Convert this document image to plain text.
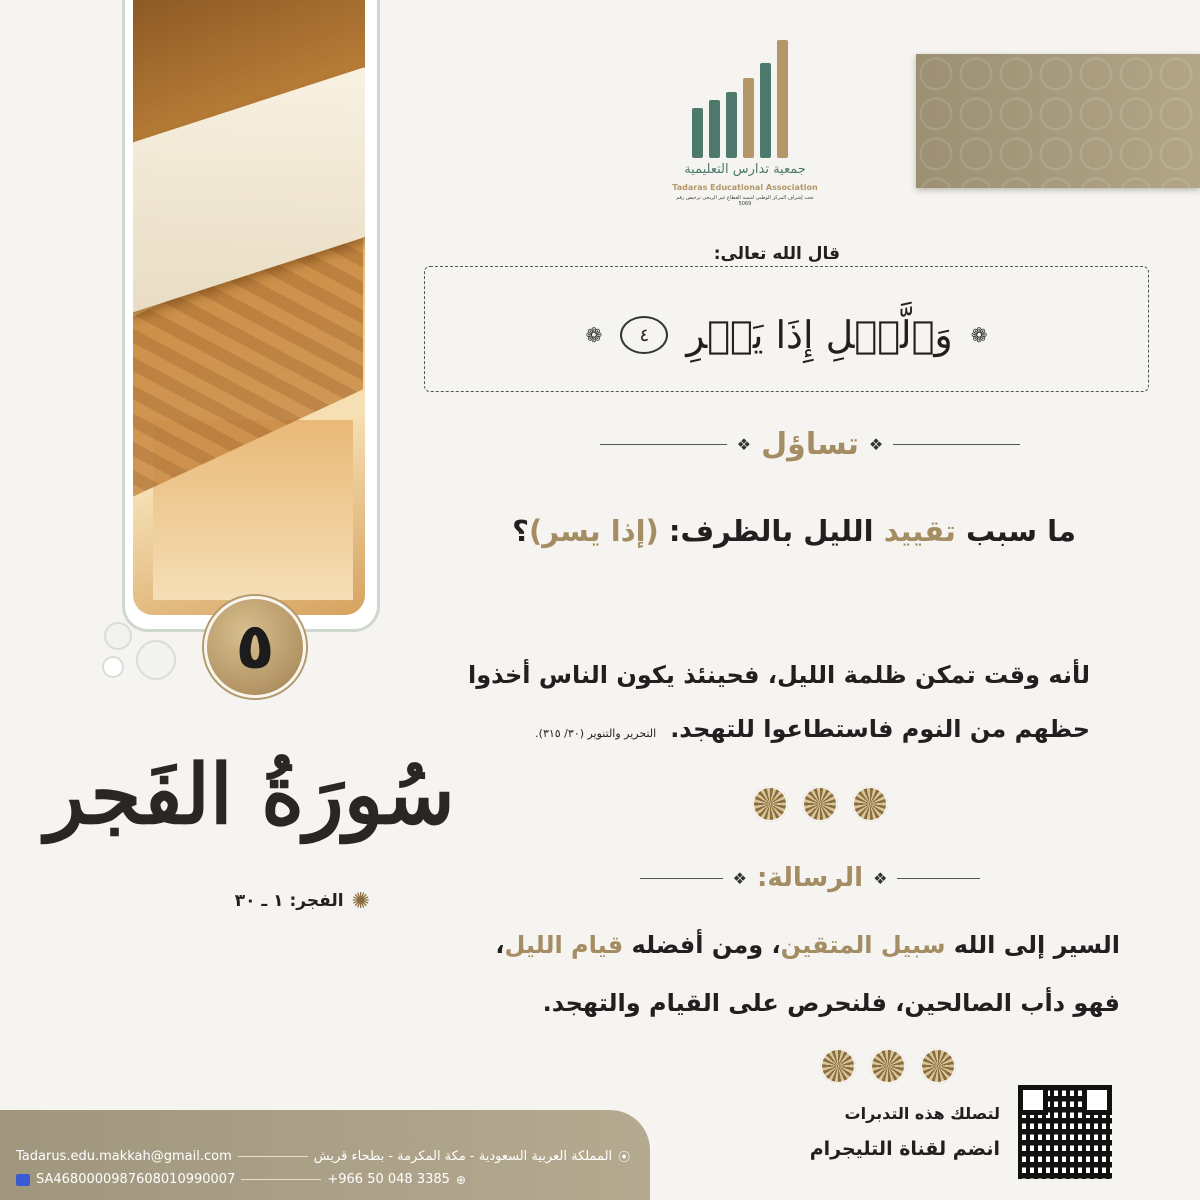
٥
سُورَةُ الفَجر
✺
الفجر: ١ ـ ٣٠
جمعية تدارس التعليمية
Tadaras Educational Association
تحت إشراف المركز الوطني لتنمية القطاع غير الربحي ترخيص رقم 5069
قال الله تعالى:
❁
وَٱلَّيۡلِ إِذَا يَسۡرِ
٤
❁
❖
تساؤل
❖
ما سبب تقييد الليل بالظرف: (إذا يسر)؟
لأنه وقت تمكن ظلمة الليل، فحينئذ يكون الناس أخذوا
حظهم من النوم فاستطاعوا للتهجد.التحرير والتنوير (٣٠/ ٣١٥).
❖
الرسالة:
❖
السير إلى الله سبيل المتقين، ومن أفضله قيام الليل،
فهو دأب الصالحين، فلنحرص على القيام والتهجد.
لتصلك هذه التدبرات
انضم لقناة التليجرام
Tadarus.edu.makkah@gmail.com	المملكة العربية السعودية - مكة المكرمة - بطحاء قريش ⦿
SA4680000987608010990007	+966 50 048 3385 ⊕
